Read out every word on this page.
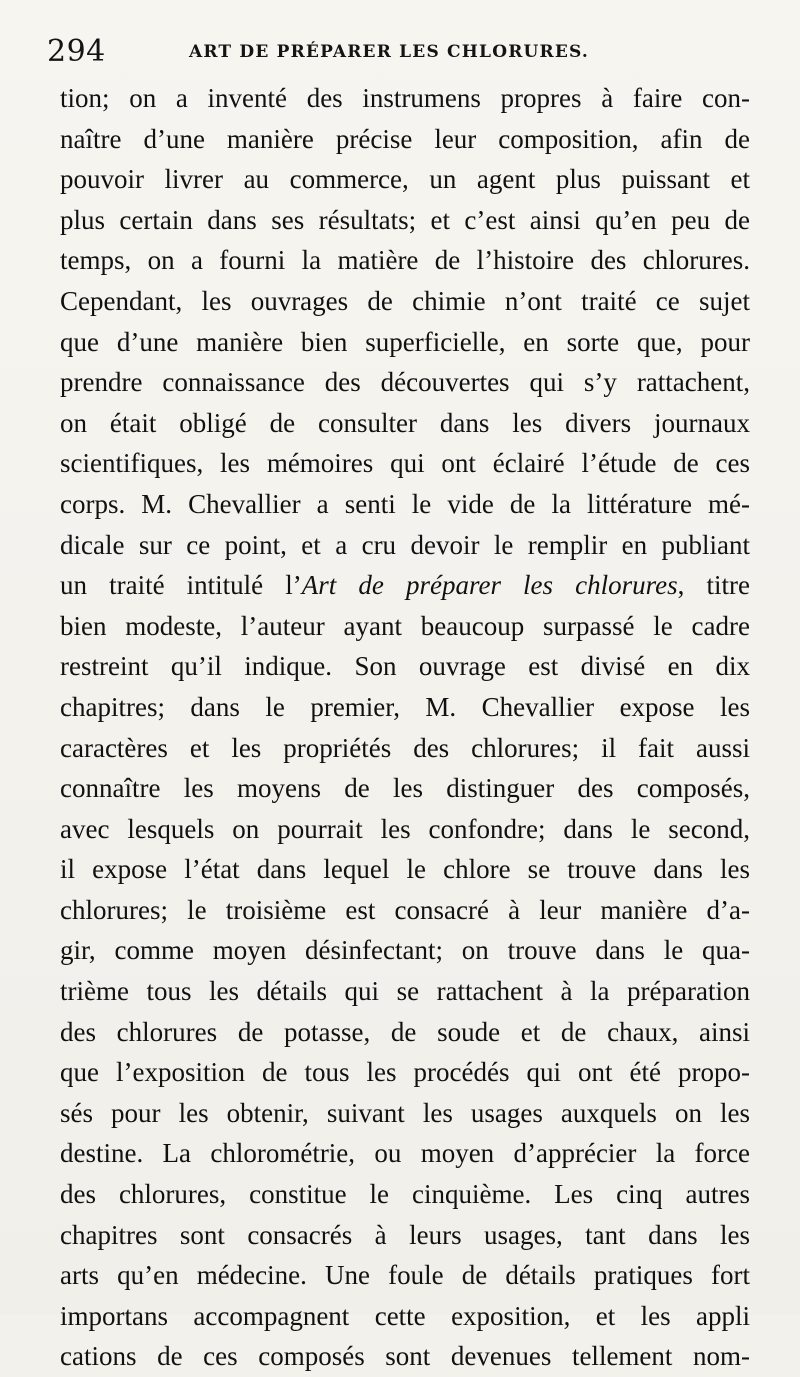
294	ART DE PRÉPARER LES CHLORURES.
tion; on a inventé des instrumens propres à faire con-
naître d’une manière précise leur composition, afin de
pouvoir livrer au commerce, un agent plus puissant et
plus certain dans ses résultats; et c’est ainsi qu’en peu de
temps, on a fourni la matière de l’histoire des chlorures.
Cependant, les ouvrages de chimie n’ont traité ce sujet
que d’une manière bien superficielle, en sorte que, pour
prendre connaissance des découvertes qui s’y rattachent,
on était obligé de consulter dans les divers journaux
scientifiques, les mémoires qui ont éclairé l’étude de ces
corps. M. Chevallier a senti le vide de la littérature mé-
dicale sur ce point, et a cru devoir le remplir en publiant
un traité intitulé l’Art de préparer les chlorures, titre
bien modeste, l’auteur ayant beaucoup surpassé le cadre
restreint qu’il indique. Son ouvrage est divisé en dix
chapitres; dans le premier, M. Chevallier expose les
caractères et les propriétés des chlorures; il fait aussi
connaître les moyens de les distinguer des composés,
avec lesquels on pourrait les confondre; dans le second,
il expose l’état dans lequel le chlore se trouve dans les
chlorures; le troisième est consacré à leur manière d’a-
gir, comme moyen désinfectant; on trouve dans le qua-
trième tous les détails qui se rattachent à la préparation
des chlorures de potasse, de soude et de chaux, ainsi
que l’exposition de tous les procédés qui ont été propo-
sés pour les obtenir, suivant les usages auxquels on les
destine. La chlorométrie, ou moyen d’apprécier la force
des chlorures, constitue le cinquième. Les cinq autres
chapitres sont consacrés à leurs usages, tant dans les
arts qu’en médecine. Une foule de détails pratiques fort
importans accompagnent cette exposition, et les appli
cations de ces composés sont devenues tellement nom-
